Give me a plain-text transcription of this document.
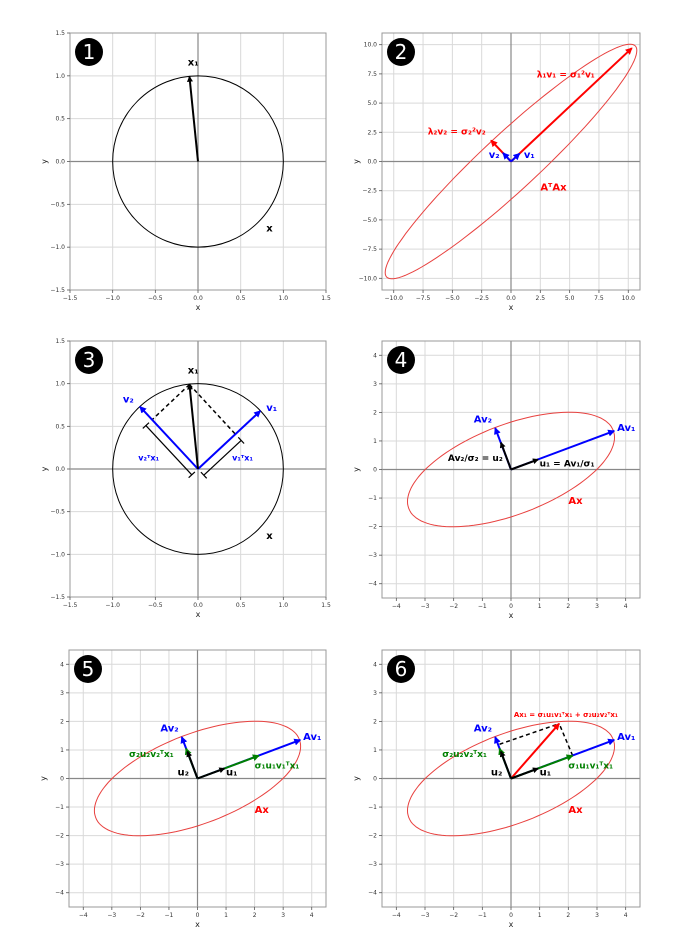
−1.5	−1.0	−0.5	0.0	0.5	1.0	1.5
−1.5
−1.0
−0.5
0.0
0.5
1.0
1.5
x
y
x
x₁
1
−10.0 −7.5 −5.0 −2.5	0.0	2.5	5.0	7.5	10.0
−10.0
−7.5
−5.0
−2.5
0.0
2.5
5.0
7.5
10.0
x
y
AᵀAx
λ₁v₁ = σ₁²v₁
λ₂v₂ = σ₂²v₂
v₁
v₂
2
−1.5	−1.0	−0.5	0.0	0.5	1.0	1.5
−1.5
−1.0
−0.5
0.0
0.5
1.0
1.5
x
y
x
v₁ᵀx₁
v₂ᵀx₁
x₁
v₁
v₂
3
−4	−3	−2	−1	0	1	2	3	4
−4
−3
−2
−1
0
1
2
3
4
x
y
Ax
Av₁
Av₂
u₁ = Av₁/σ₁
Av₂/σ₂ = u₂
4
−4	−3	−2	−1	0	1	2	3	4
−4
−3
−2
−1
0
1
2
3
4
x
y
Ax
Av₁
Av₂
σ₁u₁v₁ᵀx₁
σ₂u₂v₂ᵀx₁
u₁
u₂
5
−4	−3	−2	−1	0	1	2	3	4
−4
−3
−2
−1
0
1
2
3
4
x
y
Ax
Ax₁ = σ₁u₁v₁ᵀx₁ + σ₂u₂v₂ᵀx₁
Av₁
Av₂
σ₁u₁v₁ᵀx₁
σ₂u₂v₂ᵀx₁
u₁
u₂
6
